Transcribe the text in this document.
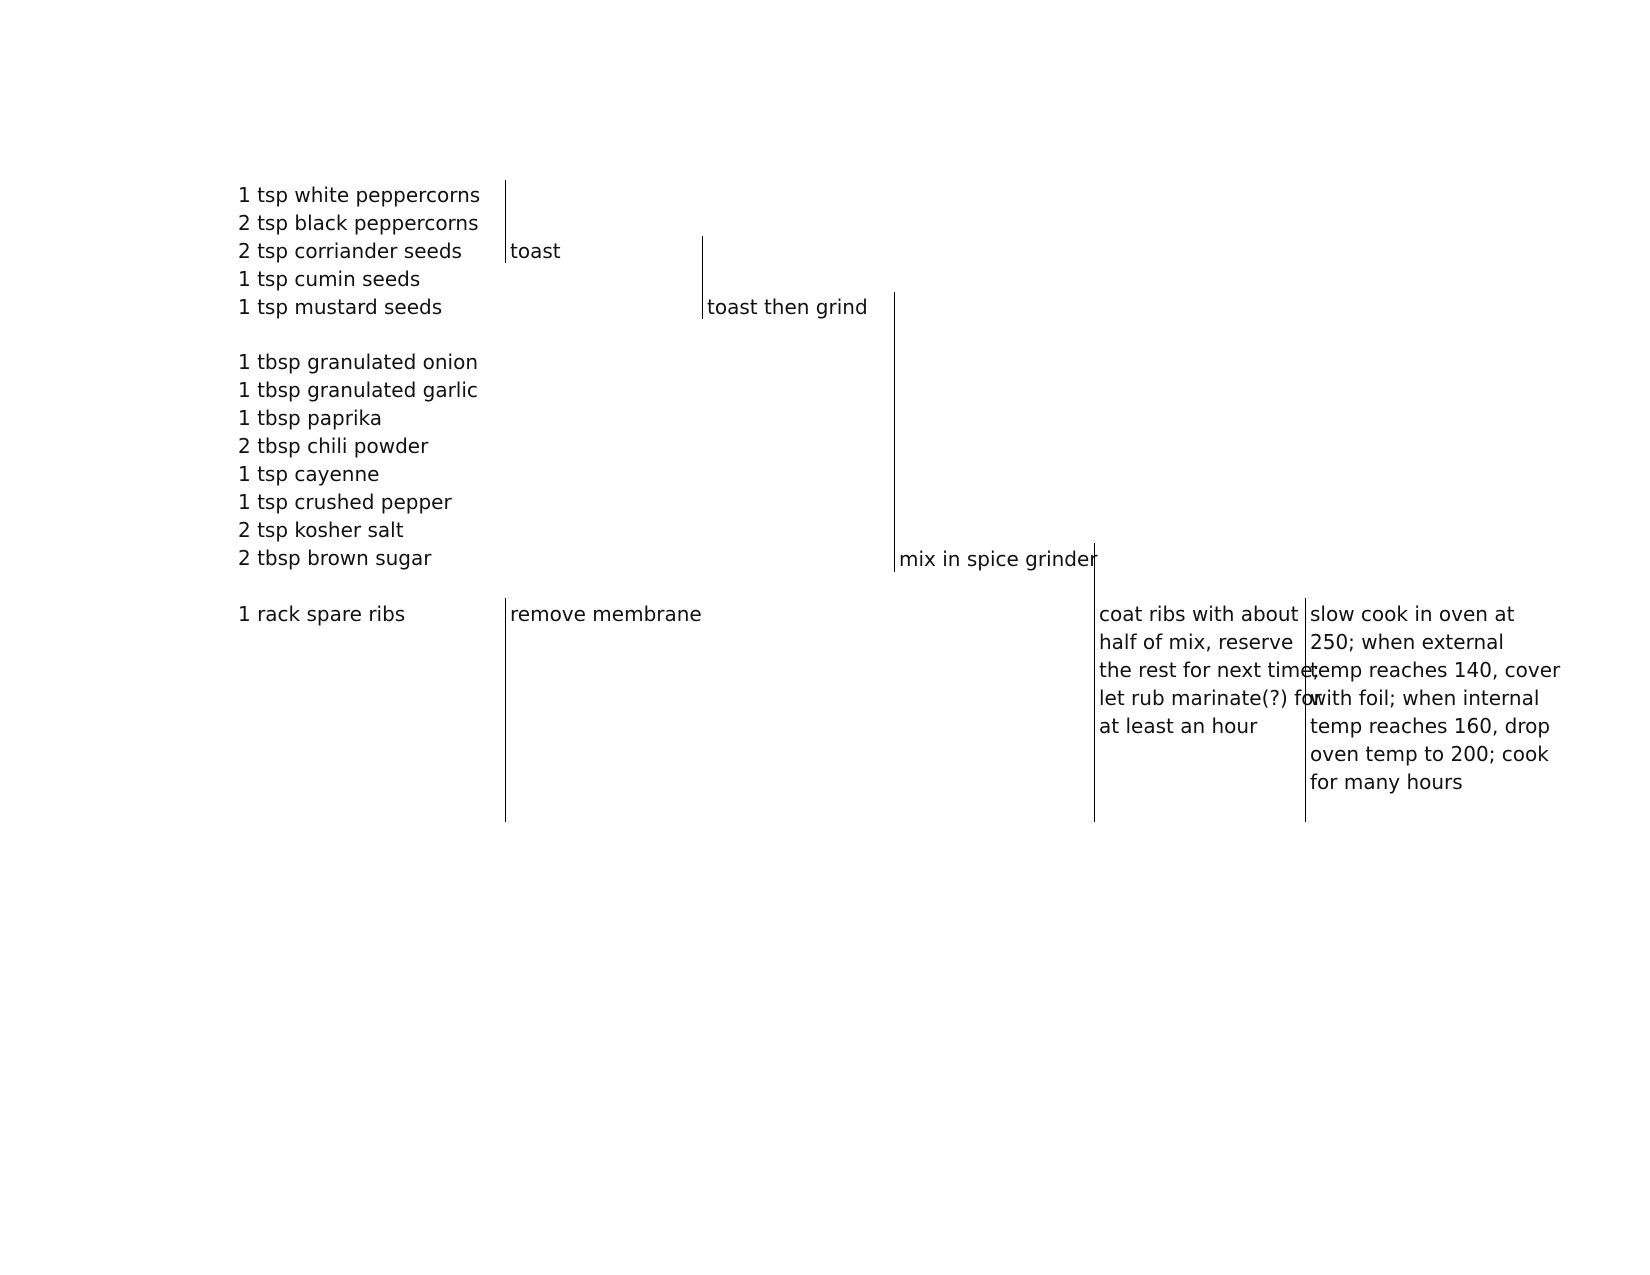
1 tsp white peppercorns
2 tsp black peppercorns
2 tsp corriander seeds
1 tsp cumin seeds
1 tsp mustard seeds
1 tbsp granulated onion
1 tbsp granulated garlic
1 tbsp paprika
2 tbsp chili powder
1 tsp cayenne
1 tsp crushed pepper
2 tsp kosher salt
2 tbsp brown sugar
1 rack spare ribs
toast
toast then grind
mix in spice grinder
remove membrane	coat ribs with about
half of mix, reserve
the rest for next time;
let rub marinate(?) for
at least an hour
slow cook in oven at
250; when external
temp reaches 140, cover
with foil; when internal
temp reaches 160, drop
oven temp to 200; cook
for many hours
